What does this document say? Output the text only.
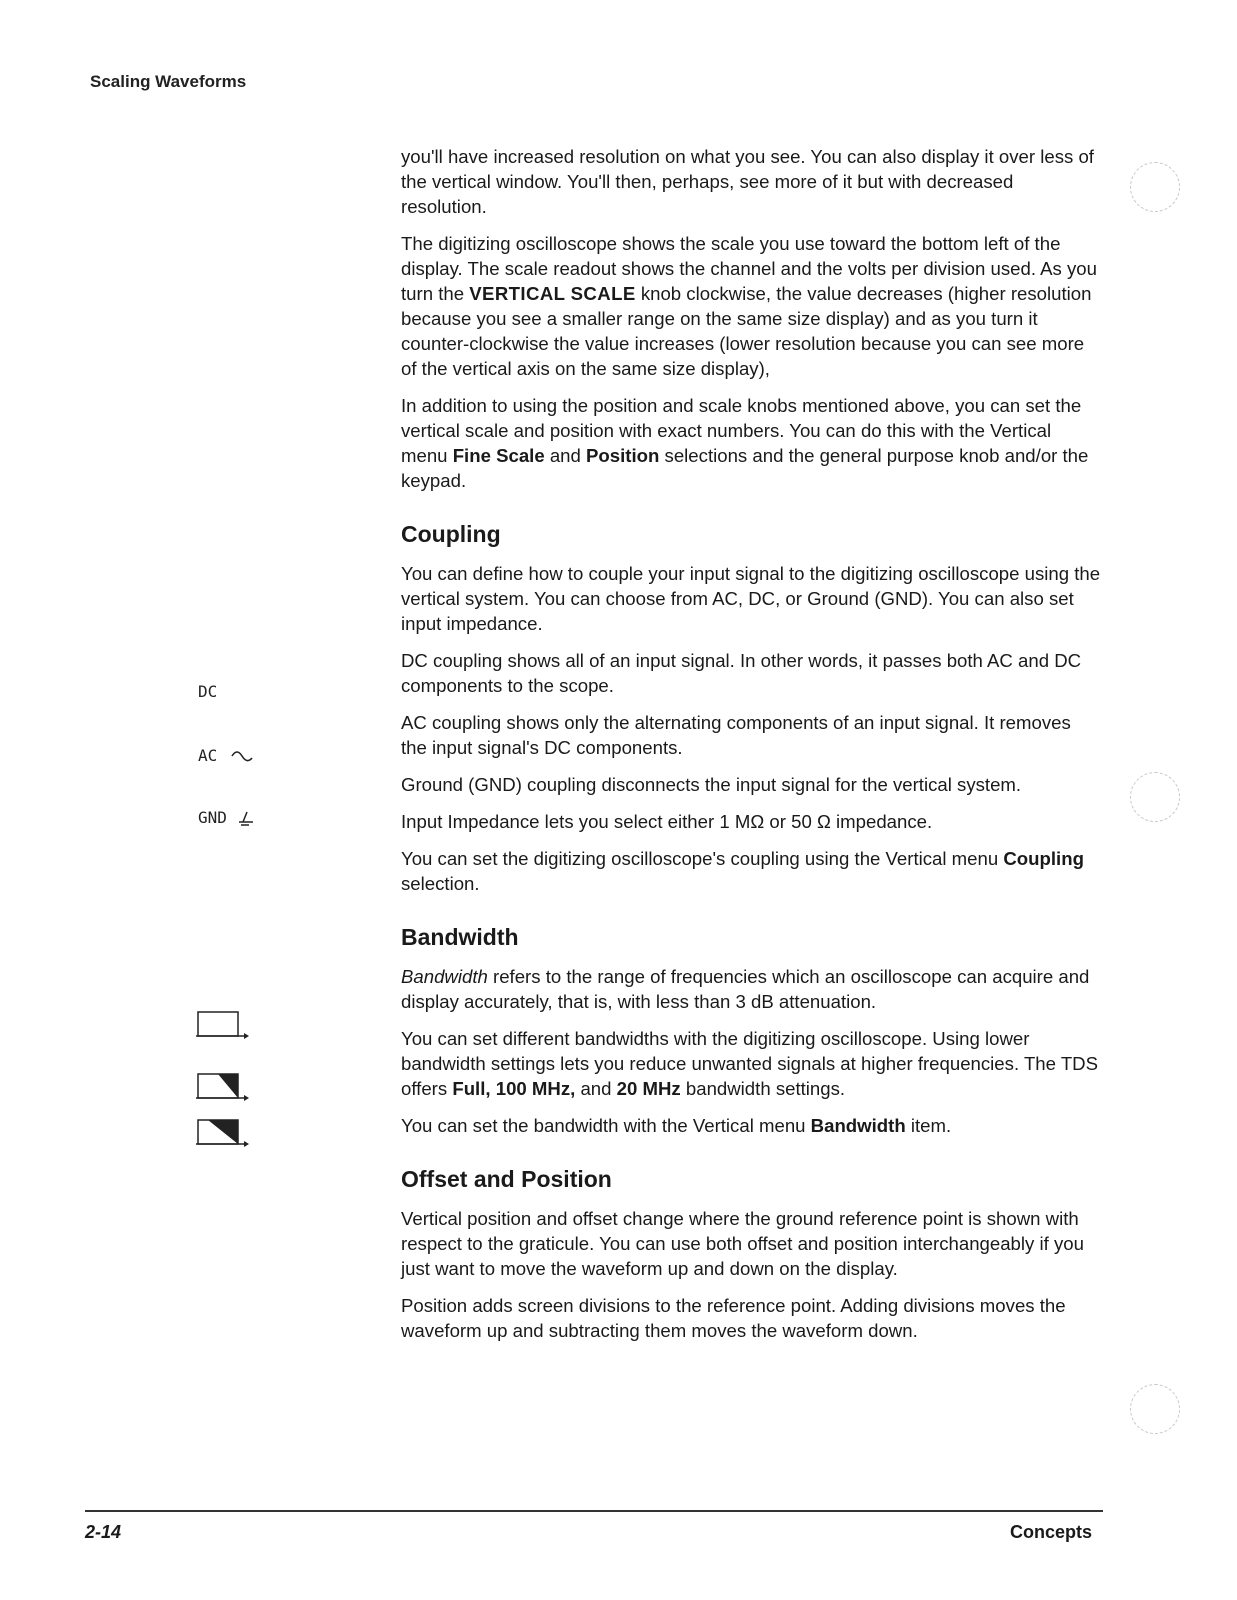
Scaling Waveforms
DC
AC
GND

you'll have increased resolution on what you see. You can also display it over less of the vertical window. You'll then, perhaps, see more of it but with decreased resolution.

The digitizing oscilloscope shows the scale you use toward the bottom left of the display. The scale readout shows the channel and the volts per division used. As you turn the VERTICAL SCALE knob clockwise, the value decreases (higher resolution because you see a smaller range on the same size display) and as you turn it counter-clockwise the value increases (lower resolution because you can see more of the vertical axis on the same size display),

In addition to using the position and scale knobs mentioned above, you can set the vertical scale and position with exact numbers. You can do this with the Vertical menu Fine Scale and Position selections and the general purpose knob and/or the keypad.

Coupling

You can define how to couple your input signal to the digitizing oscilloscope using the vertical system. You can choose from AC, DC, or Ground (GND). You can also set input impedance.

DC coupling shows all of an input signal. In other words, it passes both AC and DC components to the scope.

AC coupling shows only the alternating components of an input signal. It removes the input signal's DC components.

Ground (GND) coupling disconnects the input signal for the vertical system.

Input Impedance lets you select either 1 MΩ or 50 Ω impedance.

You can set the digitizing oscilloscope's coupling using the Vertical menu Coupling selection.

Bandwidth

Bandwidth refers to the range of frequencies which an oscilloscope can acquire and display accurately, that is, with less than 3 dB attenuation.

You can set different bandwidths with the digitizing oscilloscope. Using lower bandwidth settings lets you reduce unwanted signals at higher frequencies. The TDS offers Full, 100 MHz, and 20 MHz bandwidth settings.

You can set the bandwidth with the Vertical menu Bandwidth item.

Offset and Position

Vertical position and offset change where the ground reference point is shown with respect to the graticule. You can use both offset and position interchangeably if you just want to move the waveform up and down on the display.

Position adds screen divisions to the reference point. Adding divisions moves the waveform up and subtracting them moves the waveform down.

2-14	Concepts
